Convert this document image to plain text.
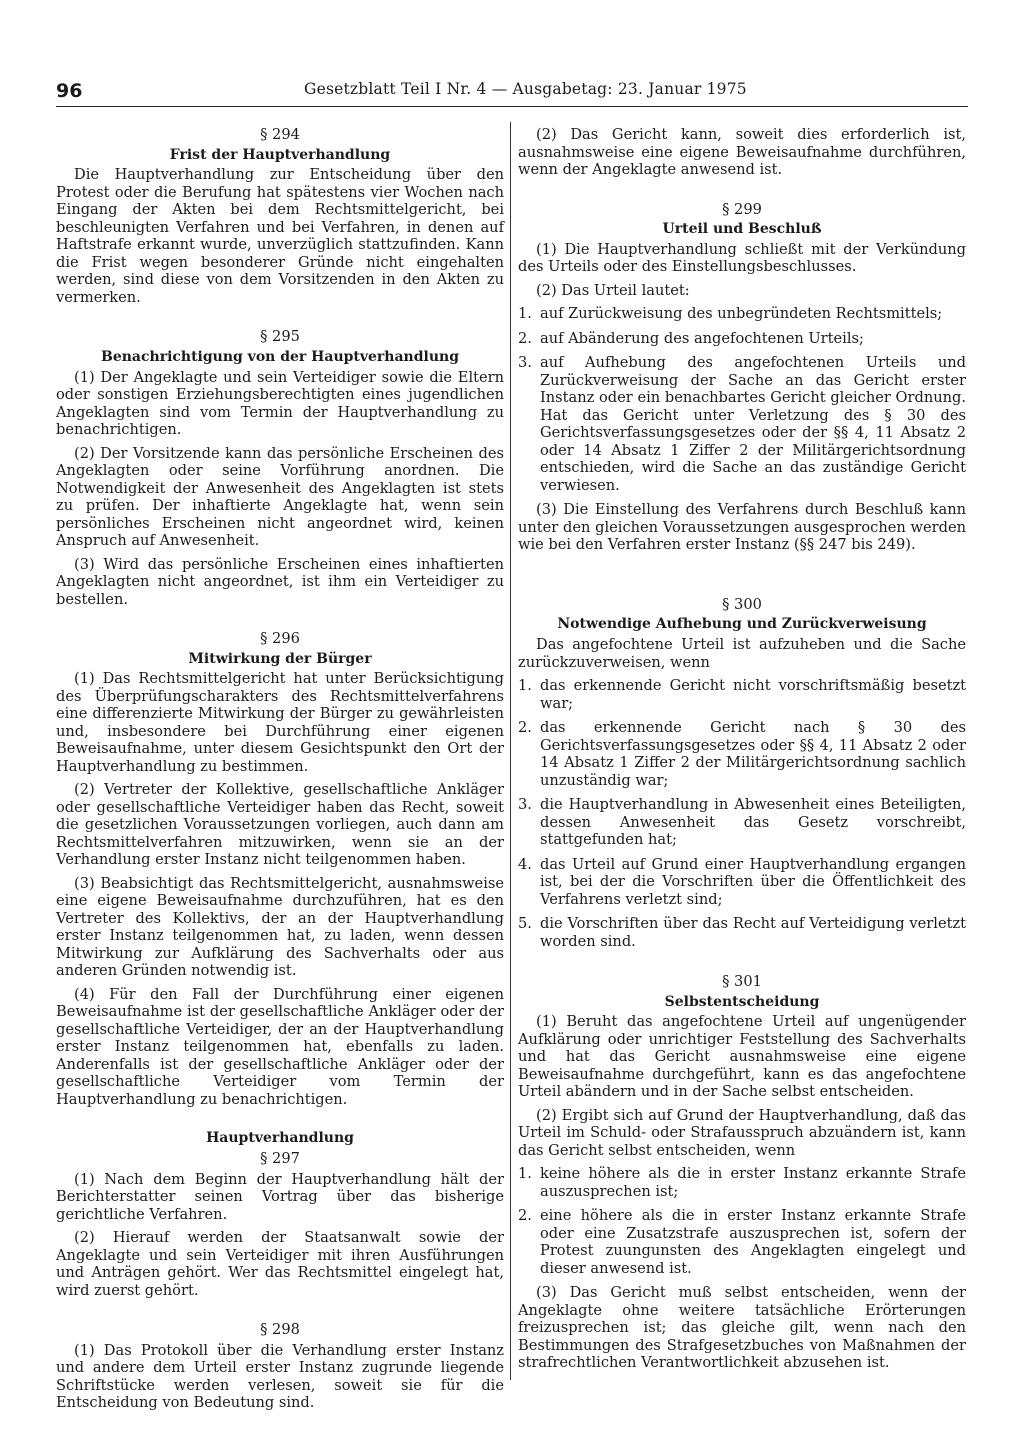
96	Gesetzblatt Teil I Nr. 4 — Ausgabetag: 23. Januar 1975
§ 294
Frist der Hauptverhandlung

Die Hauptverhandlung zur Entscheidung über den Protest oder die Berufung hat spätestens vier Wochen nach Eingang der Akten bei dem Rechtsmittelgericht, bei beschleunigten Verfahren und bei Verfahren, in denen auf Haftstrafe erkannt wurde, unverzüglich stattzufinden. Kann die Frist wegen besonderer Gründe nicht eingehalten werden, sind diese von dem Vorsitzenden in den Akten zu vermerken.

§ 295
Benachrichtigung von der Hauptverhandlung

(1) Der Angeklagte und sein Verteidiger sowie die Eltern oder sonstigen Erziehungsberechtigten eines jugendlichen Angeklagten sind vom Termin der Hauptverhandlung zu benachrichtigen.

(2) Der Vorsitzende kann das persönliche Erscheinen des Angeklagten oder seine Vorführung anordnen. Die Notwendigkeit der Anwesenheit des Angeklagten ist stets zu prüfen. Der inhaftierte Angeklagte hat, wenn sein persönliches Erscheinen nicht angeordnet wird, keinen Anspruch auf Anwesenheit.

(3) Wird das persönliche Erscheinen eines inhaftierten Angeklagten nicht angeordnet, ist ihm ein Verteidiger zu bestellen.

§ 296
Mitwirkung der Bürger

(1) Das Rechtsmittelgericht hat unter Berücksichtigung des Überprüfungscharakters des Rechtsmittelverfahrens eine differenzierte Mitwirkung der Bürger zu gewährleisten und, insbesondere bei Durchführung einer eigenen Beweisaufnahme, unter diesem Gesichtspunkt den Ort der Hauptverhandlung zu bestimmen.

(2) Vertreter der Kollektive, gesellschaftliche Ankläger oder gesellschaftliche Verteidiger haben das Recht, soweit die gesetzlichen Voraussetzungen vorliegen, auch dann am Rechtsmittelverfahren mitzuwirken, wenn sie an der Verhandlung erster Instanz nicht teilgenommen haben.

(3) Beabsichtigt das Rechtsmittelgericht, ausnahmsweise eine eigene Beweisaufnahme durchzuführen, hat es den Vertreter des Kollektivs, der an der Hauptverhandlung erster Instanz teilgenommen hat, zu laden, wenn dessen Mitwirkung zur Aufklärung des Sachverhalts oder aus anderen Gründen notwendig ist.

(4) Für den Fall der Durchführung einer eigenen Beweisaufnahme ist der gesellschaftliche Ankläger oder der gesellschaftliche Verteidiger, der an der Hauptverhandlung erster Instanz teilgenommen hat, ebenfalls zu laden. Anderenfalls ist der gesellschaftliche Ankläger oder der gesellschaftliche Verteidiger vom Termin der Hauptverhandlung zu benachrichtigen.

Hauptverhandlung
§ 297

(1) Nach dem Beginn der Hauptverhandlung hält der Berichterstatter seinen Vortrag über das bisherige gerichtliche Verfahren.

(2) Hierauf werden der Staatsanwalt sowie der Angeklagte und sein Verteidiger mit ihren Ausführungen und Anträgen gehört. Wer das Rechtsmittel eingelegt hat, wird zuerst gehört.

§ 298

(1) Das Protokoll über die Verhandlung erster Instanz und andere dem Urteil erster Instanz zugrunde liegende Schriftstücke werden verlesen, soweit sie für die Entscheidung von Bedeutung sind.

(2) Das Gericht kann, soweit dies erforderlich ist, ausnahmsweise eine eigene Beweisaufnahme durchführen, wenn der Angeklagte anwesend ist.

§ 299
Urteil und Beschluß

(1) Die Hauptverhandlung schließt mit der Verkündung des Urteils oder des Einstellungsbeschlusses.

(2) Das Urteil lautet:

1. auf Zurückweisung des unbegründeten Rechtsmittels;
2. auf Abänderung des angefochtenen Urteils;
3. auf Aufhebung des angefochtenen Urteils und Zurückverweisung der Sache an das Gericht erster Instanz oder ein benachbartes Gericht gleicher Ordnung. Hat das Gericht unter Verletzung des § 30 des Gerichtsverfassungsgesetzes oder der §§ 4, 11 Absatz 2 oder 14 Absatz 1 Ziffer 2 der Militärgerichtsordnung entschieden, wird die Sache an das zuständige Gericht verwiesen.

(3) Die Einstellung des Verfahrens durch Beschluß kann unter den gleichen Voraussetzungen ausgesprochen werden wie bei den Verfahren erster Instanz (§§ 247 bis 249).

§ 300
Notwendige Aufhebung und Zurückverweisung

Das angefochtene Urteil ist aufzuheben und die Sache zurückzuverweisen, wenn

1. das erkennende Gericht nicht vorschriftsmäßig besetzt war;
2. das erkennende Gericht nach § 30 des Gerichtsverfassungsgesetzes oder §§ 4, 11 Absatz 2 oder 14 Absatz 1 Ziffer 2 der Militärgerichtsordnung sachlich unzuständig war;
3. die Hauptverhandlung in Abwesenheit eines Beteiligten, dessen Anwesenheit das Gesetz vorschreibt, stattgefunden hat;
4. das Urteil auf Grund einer Hauptverhandlung ergangen ist, bei der die Vorschriften über die Öffentlichkeit des Verfahrens verletzt sind;
5. die Vorschriften über das Recht auf Verteidigung verletzt worden sind.
§ 301
Selbstentscheidung

(1) Beruht das angefochtene Urteil auf ungenügender Aufklärung oder unrichtiger Feststellung des Sachverhalts und hat das Gericht ausnahmsweise eine eigene Beweisaufnahme durchgeführt, kann es das angefochtene Urteil abändern und in der Sache selbst entscheiden.

(2) Ergibt sich auf Grund der Hauptverhandlung, daß das Urteil im Schuld- oder Strafausspruch abzuändern ist, kann das Gericht selbst entscheiden, wenn

1. keine höhere als die in erster Instanz erkannte Strafe auszusprechen ist;
2. eine höhere als die in erster Instanz erkannte Strafe oder eine Zusatzstrafe auszusprechen ist, sofern der Protest zuungunsten des Angeklagten eingelegt und dieser anwesend ist.

(3) Das Gericht muß selbst entscheiden, wenn der Angeklagte ohne weitere tatsächliche Erörterungen freizusprechen ist; das gleiche gilt, wenn nach den Bestimmungen des Strafgesetzbuches von Maßnahmen der strafrechtlichen Verantwortlichkeit abzusehen ist.
